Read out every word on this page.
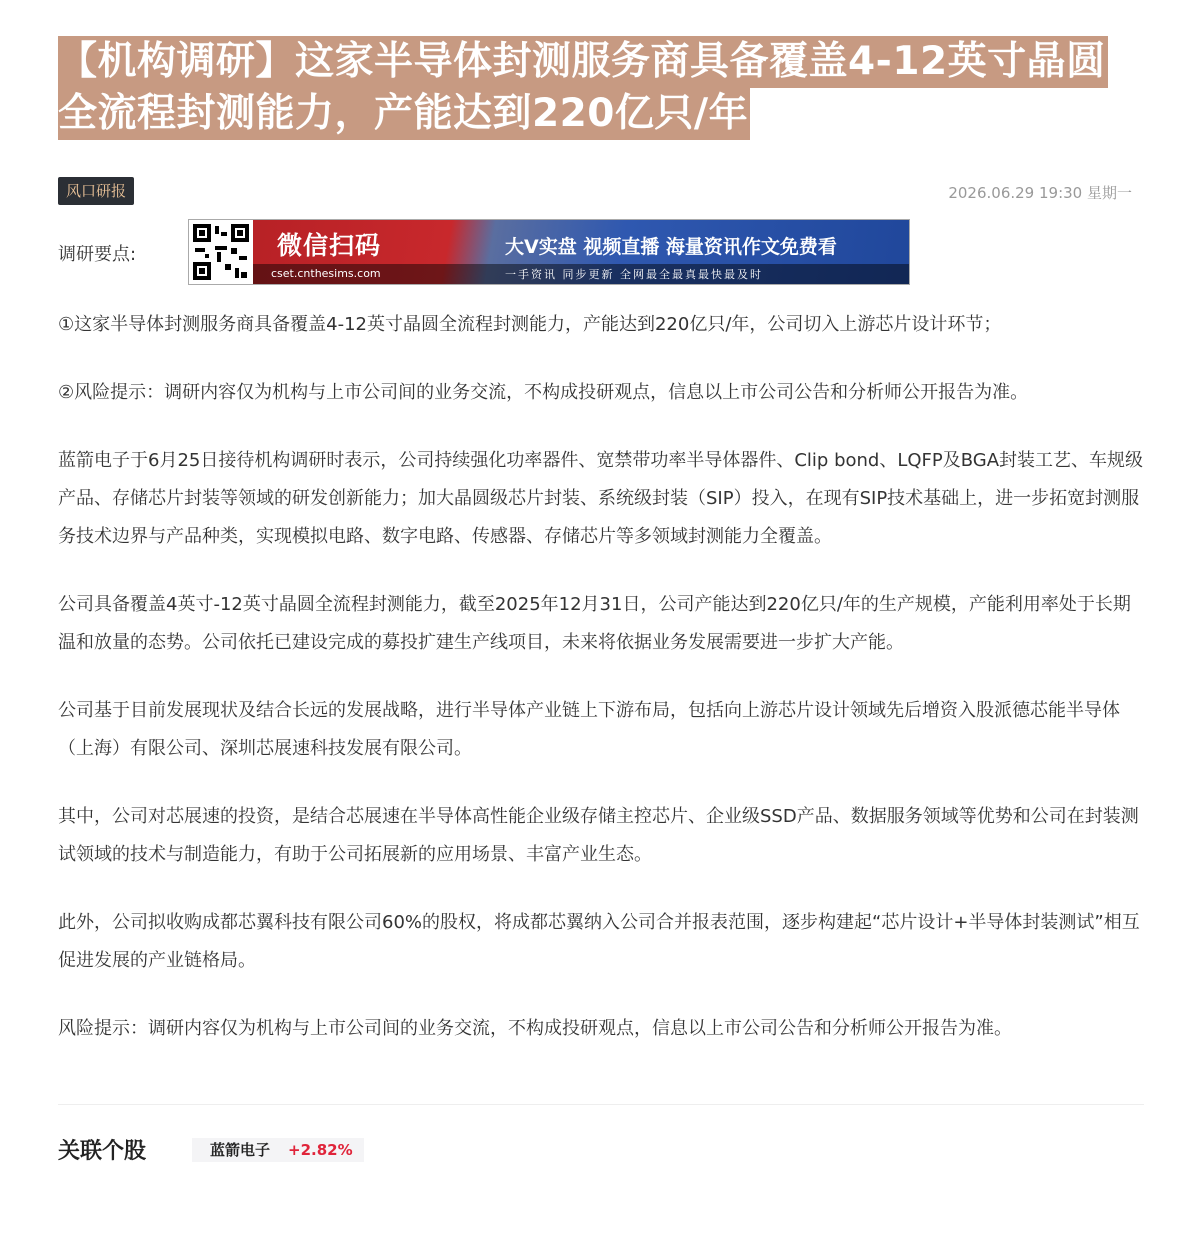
【机构调研】这家半导体封测服务商具备覆盖4-12英寸晶圆
全流程封测能力，产能达到220亿只/年
风口研报	2026.06.29 19:30 星期一
调研要点:	微信扫码
cset.cnthesims.com
大V实盘 视频直播 海量资讯作文免费看
一手资讯 同步更新 全网最全最真最快最及时

①这家半导体封测服务商具备覆盖4-12英寸晶圆全流程封测能力，产能达到220亿只/年，公司切入上游芯片设计环节；

②风险提示：调研内容仅为机构与上市公司间的业务交流，不构成投研观点，信息以上市公司公告和分析师公开报告为准。

蓝箭电子于6月25日接待机构调研时表示，公司持续强化功率器件、宽禁带功率半导体器件、Clip bond、LQFP及BGA封装工艺、车规级产品、存储芯片封装等领域的研发创新能力；加大晶圆级芯片封装、系统级封装（SIP）投入，在现有SIP技术基础上，进一步拓宽封测服务技术边界与产品种类，实现模拟电路、数字电路、传感器、存储芯片等多领域封测能力全覆盖。

公司具备覆盖4英寸-12英寸晶圆全流程封测能力，截至2025年12月31日，公司产能达到220亿只/年的生产规模，产能利用率处于长期温和放量的态势。公司依托已建设完成的募投扩建生产线项目，未来将依据业务发展需要进一步扩大产能。

公司基于目前发展现状及结合长远的发展战略，进行半导体产业链上下游布局，包括向上游芯片设计领域先后增资入股派德芯能半导体（上海）有限公司、深圳芯展速科技发展有限公司。

其中，公司对芯展速的投资，是结合芯展速在半导体高性能企业级存储主控芯片、企业级SSD产品、数据服务领域等优势和公司在封装测试领域的技术与制造能力，有助于公司拓展新的应用场景、丰富产业生态。

此外，公司拟收购成都芯翼科技有限公司60%的股权，将成都芯翼纳入公司合并报表范围，逐步构建起“芯片设计+半导体封装测试”相互促进发展的产业链格局。

风险提示：调研内容仅为机构与上市公司间的业务交流，不构成投研观点，信息以上市公司公告和分析师公开报告为准。

关联个股	蓝箭电子 +2.82%
